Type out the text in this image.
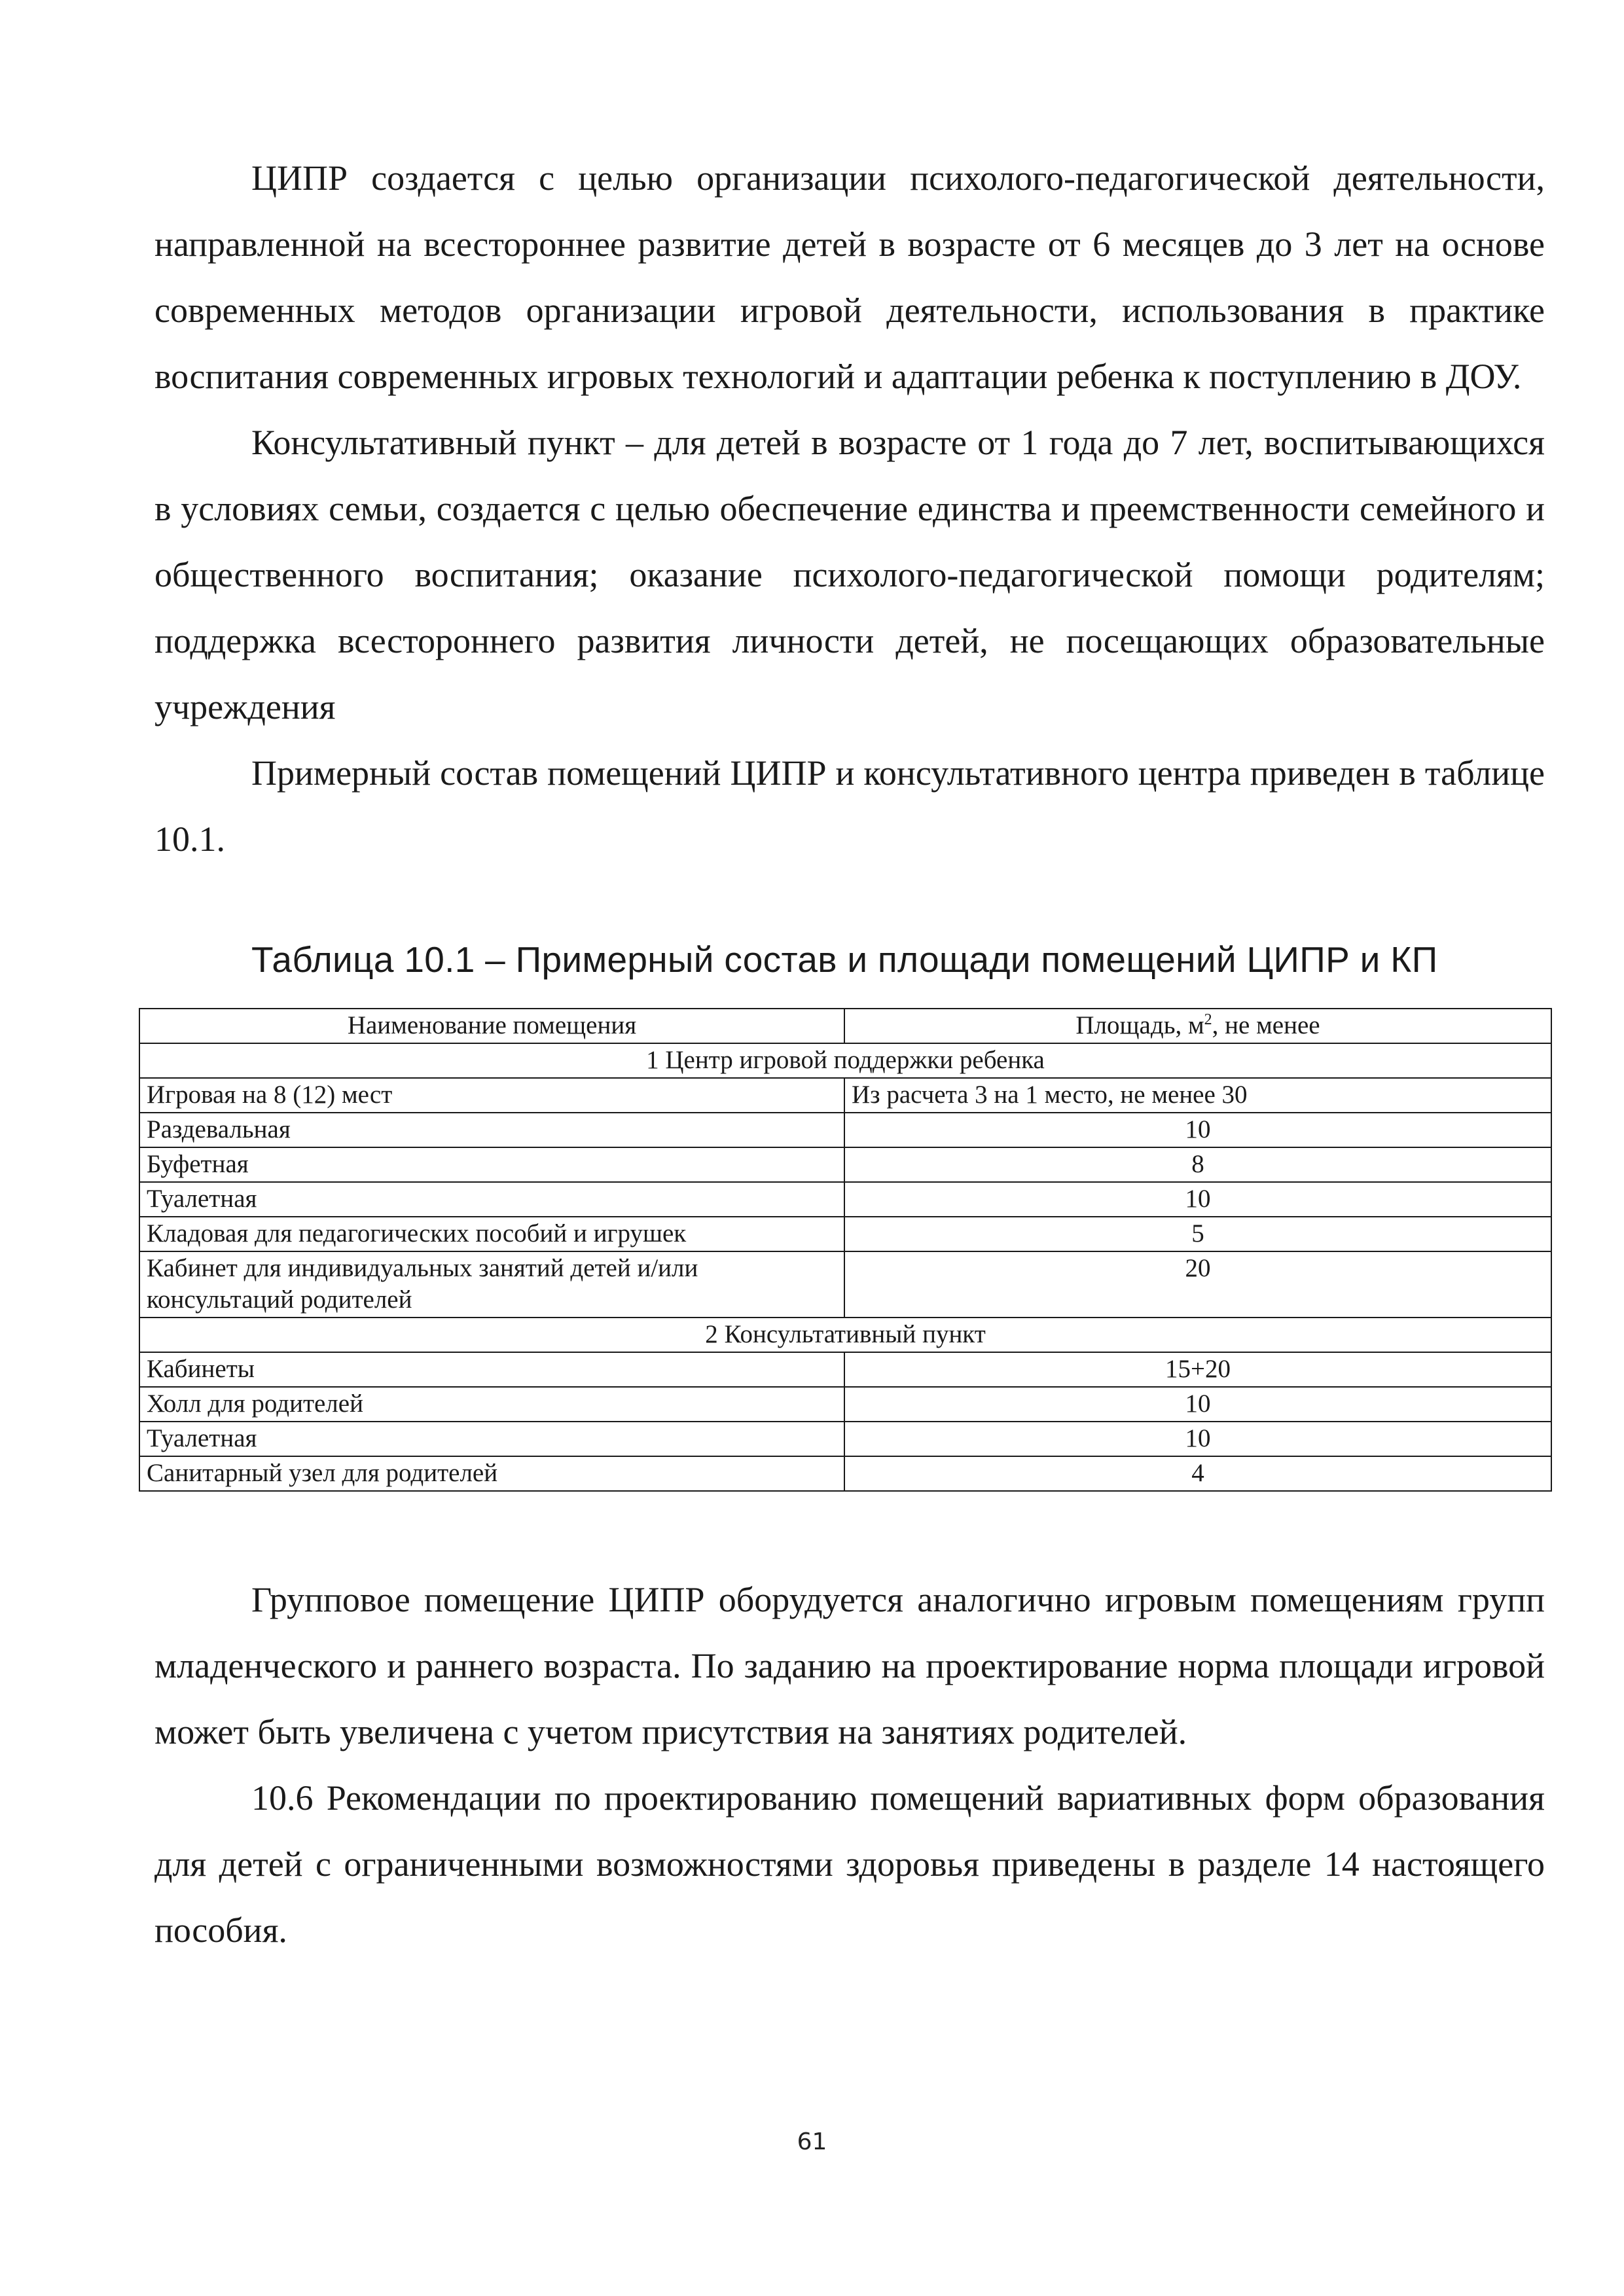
ЦИПР создается с целью организации психолого-педагогической деятельности, направленной на всестороннее развитие детей в возрасте от 6 месяцев до 3 лет на основе современных методов организации игровой деятельности, использования в практике воспитания современных игровых технологий и адаптации ребенка к поступлению в ДОУ.

Консультативный пункт – для детей в возрасте от 1 года до 7 лет, воспитывающихся в условиях семьи, создается с целью обеспечение единства и преемственности семейного и общественного воспитания; оказание психолого-педагогической помощи родителям; поддержка всестороннего развития личности детей, не посещающих образовательные учреждения

Примерный состав помещений ЦИПР и консультативного центра приведен в таблице 10.1.

Таблица 10.1 – Примерный состав и площади помещений ЦИПР и КП
Наименование помещения	Площадь, $м^2$, не менее
1 Центр игровой поддержки ребенка	
Игровая на 8 (12) мест	Из расчета 3 на 1 место, не менее 30
Раздевальная	10
Буфетная	8
Туалетная	10
Кладовая для педагогических пособий и игрушек	5
Кабинет для индивидуальных занятий детей и/или консультаций родителей	20
2 Консультативный пункт	
Кабинеты	15+20
Холл для родителей	10
Туалетная	10
Санитарный узел для родителей	4

Групповое помещение ЦИПР оборудуется аналогично игровым помещениям групп младенческого и раннего возраста. По заданию на проектирование норма площади игровой может быть увеличена с учетом присутствия на занятиях родителей.

10.6 Рекомендации по проектированию помещений вариативных форм образования для детей с ограниченными возможностями здоровья приведены в разделе 14 настоящего пособия.

61
